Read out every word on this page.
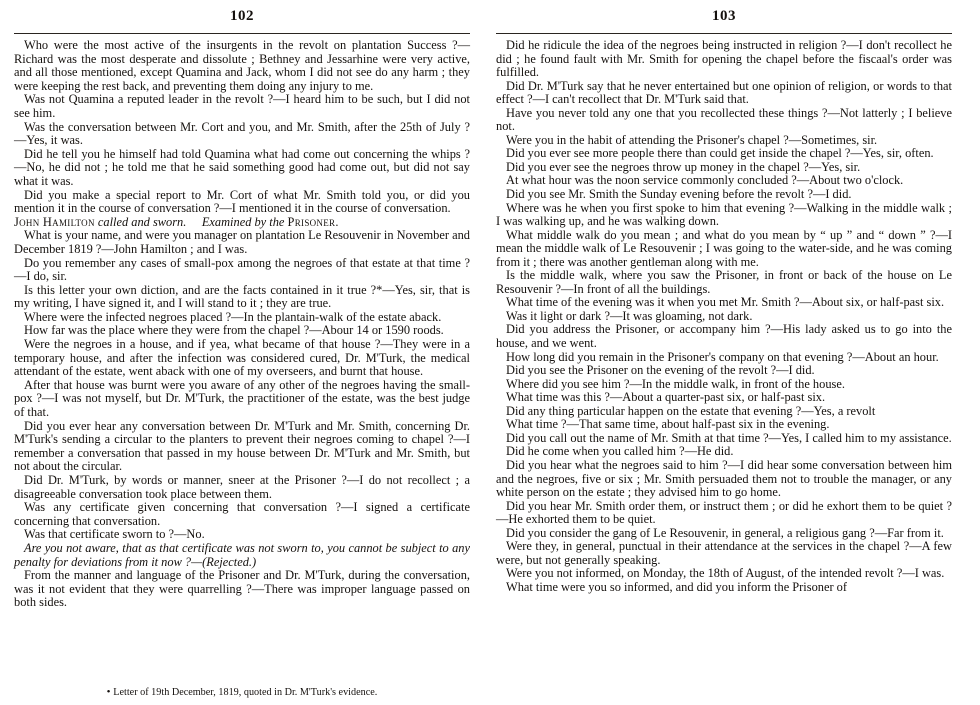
102

Who were the most active of the insurgents in the revolt on plantation Success ?—Richard was the most desperate and dissolute ; Bethney and Jessarhine were very active, and all those mentioned, except Quamina and Jack, whom I did not see do any harm ; they were keeping the rest back, and preventing them doing any injury to me.

Was not Quamina a reputed leader in the revolt ?—I heard him to be such, but I did not see him.

Was the conversation between Mr. Cort and you, and Mr. Smith, after the 25th of July ?—Yes, it was.

Did he tell you he himself had told Quamina what had come out concerning the whips ?—No, he did not ; he told me that he said something good had come out, but did not say what it was.

Did you make a special report to Mr. Cort of what Mr. Smith told you, or did you mention it in the course of conversation ?—I mentioned it in the course of conversation.

John Hamilton called and sworn. Examined by the Prisoner.

What is your name, and were you manager on plantation Le Resouvenir in November and December 1819 ?—John Hamilton ; and I was.

Do you remember any cases of small-pox among the negroes of that estate at that time ?—I do, sir.

Is this letter your own diction, and are the facts contained in it true ?*—Yes, sir, that is my writing, I have signed it, and I will stand to it ; they are true.

Where were the infected negroes placed ?—In the plantain-walk of the estate aback.

How far was the place where they were from the chapel ?—Abour 14 or 1590 roods.

Were the negroes in a house, and if yea, what became of that house ?—They were in a temporary house, and after the infection was considered cured, Dr. M'Turk, the medical attendant of the estate, went aback with one of my overseers, and burnt that house.

After that house was burnt were you aware of any other of the negroes having the small-pox ?—I was not myself, but Dr. M'Turk, the practitioner of the estate, was the best judge of that.

Did you ever hear any conversation between Dr. M'Turk and Mr. Smith, concerning Dr. M'Turk's sending a circular to the planters to prevent their negroes coming to chapel ?—I remember a conversation that passed in my house between Dr. M'Turk and Mr. Smith, but not about the circular.

Did Dr. M'Turk, by words or manner, sneer at the Prisoner ?—I do not recollect ; a disagreeable conversation took place between them.

Was any certificate given concerning that conversation ?—I signed a certificate concerning that conversation.

Was that certificate sworn to ?—No.

Are you not aware, that as that certificate was not sworn to, you cannot be subject to any penalty for deviations from it now ?—(Rejected.)

From the manner and language of the Prisoner and Dr. M'Turk, during the conversation, was it not evident that they were quarrelling ?—There was improper language passed on both sides.

• Letter of 19th December, 1819, quoted in Dr. M'Turk's evidence.
103

Did he ridicule the idea of the negroes being instructed in religion ?—I don't recollect he did ; he found fault with Mr. Smith for opening the chapel before the fiscaal's order was fulfilled.

Did Dr. M'Turk say that he never entertained but one opinion of religion, or words to that effect ?—I can't recollect that Dr. M'Turk said that.

Have you never told any one that you recollected these things ?—Not latterly ; I believe not.

Were you in the habit of attending the Prisoner's chapel ?—Sometimes, sir.

Did you ever see more people there than could get inside the chapel ?—Yes, sir, often.

Did you ever see the negroes throw up money in the chapel ?—Yes, sir.

At what hour was the noon service commonly concluded ?—About two o'clock.

Did you see Mr. Smith the Sunday evening before the revolt ?—I did.

Where was he when you first spoke to him that evening ?—Walking in the middle walk ; I was walking up, and he was walking down.

What middle walk do you mean ; and what do you mean by “ up ” and “ down ” ?—I mean the middle walk of Le Resouvenir ; I was going to the water-side, and he was coming from it ; there was another gentleman along with me.

Is the middle walk, where you saw the Prisoner, in front or back of the house on Le Resouvenir ?—In front of all the buildings.

What time of the evening was it when you met Mr. Smith ?—About six, or half-past six.

Was it light or dark ?—It was gloaming, not dark.

Did you address the Prisoner, or accompany him ?—His lady asked us to go into the house, and we went.

How long did you remain in the Prisoner's company on that evening ?—About an hour.

Did you see the Prisoner on the evening of the revolt ?—I did.

Where did you see him ?—In the middle walk, in front of the house.

What time was this ?—About a quarter-past six, or half-past six.

Did any thing particular happen on the estate that evening ?—Yes, a revolt

What time ?—That same time, about half-past six in the evening.

Did you call out the name of Mr. Smith at that time ?—Yes, I called him to my assistance.

Did he come when you called him ?—He did.

Did you hear what the negroes said to him ?—I did hear some conversation between him and the negroes, five or six ; Mr. Smith persuaded them not to trouble the manager, or any white person on the estate ; they advised him to go home.

Did you hear Mr. Smith order them, or instruct them ; or did he exhort them to be quiet ?—He exhorted them to be quiet.

Did you consider the gang of Le Resouvenir, in general, a religious gang ?—Far from it.

Were they, in general, punctual in their attendance at the services in the chapel ?—A few were, but not generally speaking.

Were you not informed, on Monday, the 18th of August, of the intended revolt ?—I was.

What time were you so informed, and did you inform the Prisoner of
